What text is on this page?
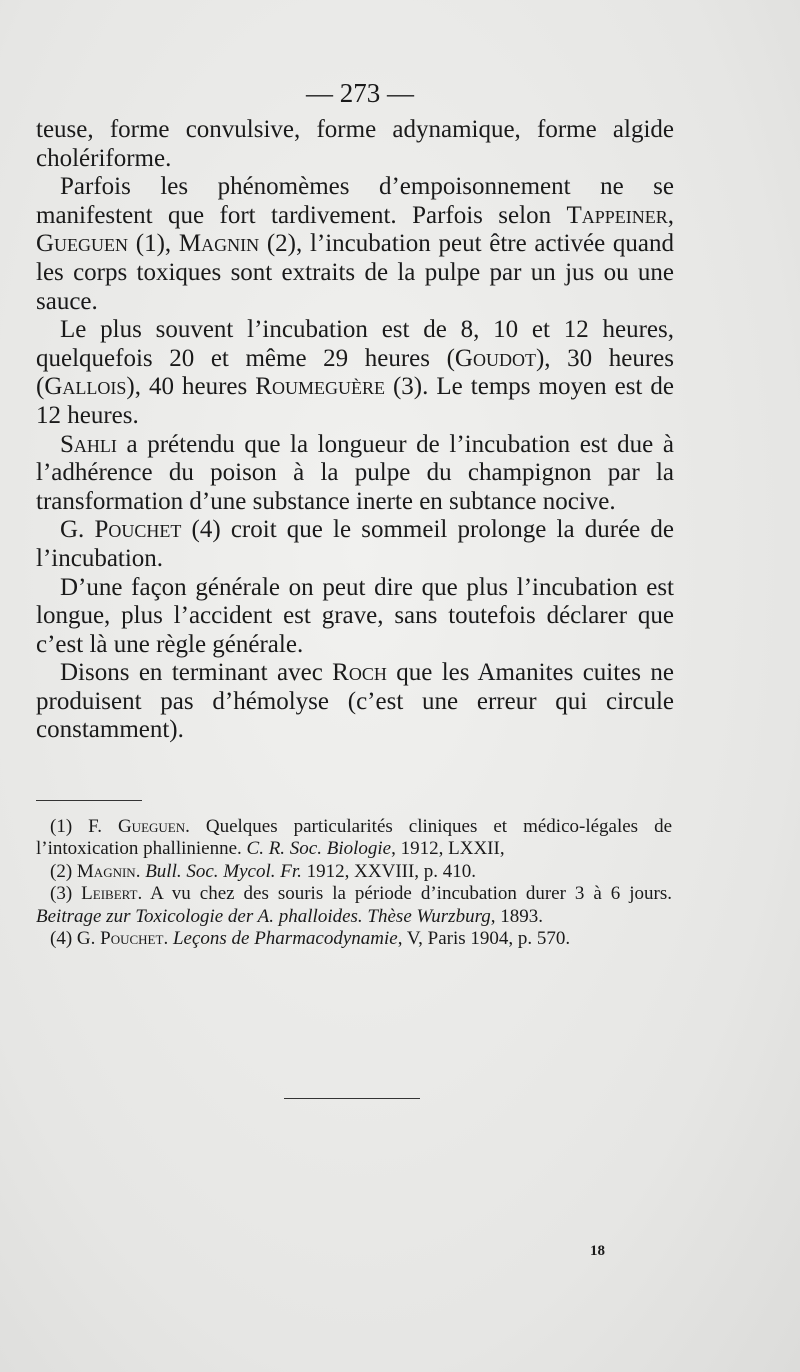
— 273 —

teuse, forme convulsive, forme adynamique, forme algide cholériforme.

Parfois les phénomèmes d’empoisonnement ne se manifestent que fort tardivement. Parfois selon Tappeiner, Gueguen (1), Magnin (2), l’incubation peut être activée quand les corps toxiques sont extraits de la pulpe par un jus ou une sauce.

Le plus souvent l’incubation est de 8, 10 et 12 heures, quelquefois 20 et même 29 heures (Goudot), 30 heures (Gallois), 40 heures Roumeguère (3). Le temps moyen est de 12 heures.

Sahli a prétendu que la longueur de l’incubation est due à l’adhérence du poison à la pulpe du champignon par la transformation d’une substance inerte en subtance nocive.

G. Pouchet (4) croit que le sommeil prolonge la durée de l’incubation.

D’une façon générale on peut dire que plus l’incubation est longue, plus l’accident est grave, sans toutefois déclarer que c’est là une règle générale.

Disons en terminant avec Roch que les Amanites cuites ne produisent pas d’hémolyse (c’est une erreur qui circule constamment).

(1) F. Gueguen. Quelques particularités cliniques et médico-légales de l’intoxication phallinienne. C. R. Soc. Biologie, 1912, LXXII,

(2) Magnin. Bull. Soc. Mycol. Fr. 1912, XXVIII, p. 410.

(3) Leibert. A vu chez des souris la période d’incubation durer 3 à 6 jours. Beitrage zur Toxicologie der A. phalloides. Thèse Wurzburg, 1893.

(4) G. Pouchet. Leçons de Pharmacodynamie, V, Paris 1904, p. 570.

18
